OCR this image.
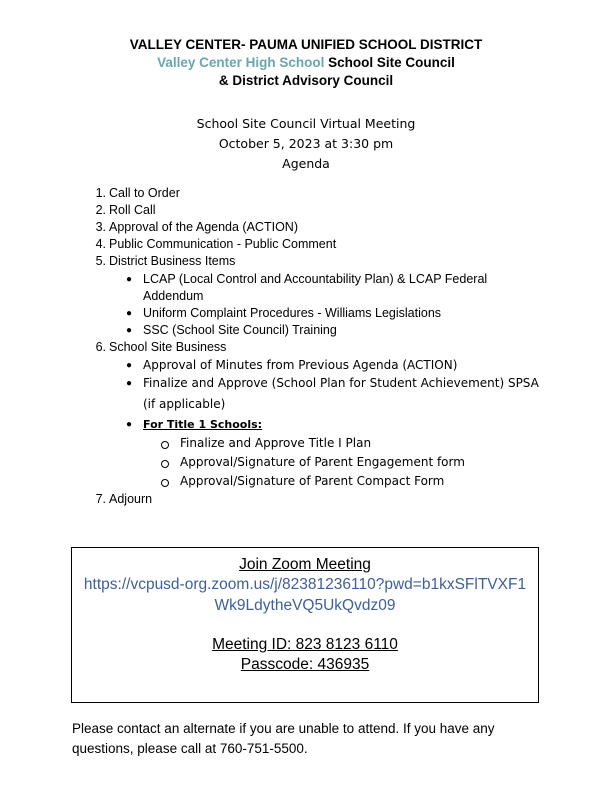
VALLEY CENTER- PAUMA UNIFIED SCHOOL DISTRICT
Valley Center High School School Site Council
& District Advisory Council
School Site Council Virtual Meeting
October 5, 2023 at 3:30 pm
Agenda
1. Call to Order
2. Roll Call
3. Approval of the Agenda (ACTION)
4. Public Communication - Public Comment
5. District Business Items
● LCAP (Local Control and Accountability Plan) & LCAP Federal
Addendum
● Uniform Complaint Procedures - Williams Legislations
● SSC (School Site Council) Training
6. School Site Business
● Approval of Minutes from Previous Agenda (ACTION)
● Finalize and Approve (School Plan for Student Achievement) SPSA
(if applicable)
● For Title 1 Schools:
Finalize and Approve Title I Plan
Approval/Signature of Parent Engagement form
Approval/Signature of Parent Compact Form
7. Adjourn
Join Zoom Meeting
https://vcpusd-org.zoom.us/j/82381236110?pwd=b1kxSFlTVXF1
Wk9LdytheVQ5UkQvdz09
Meeting ID: 823 8123 6110
Passcode: 436935
Please contact an alternate if you are unable to attend. If you have any questions, please call at 760-751-5500.
